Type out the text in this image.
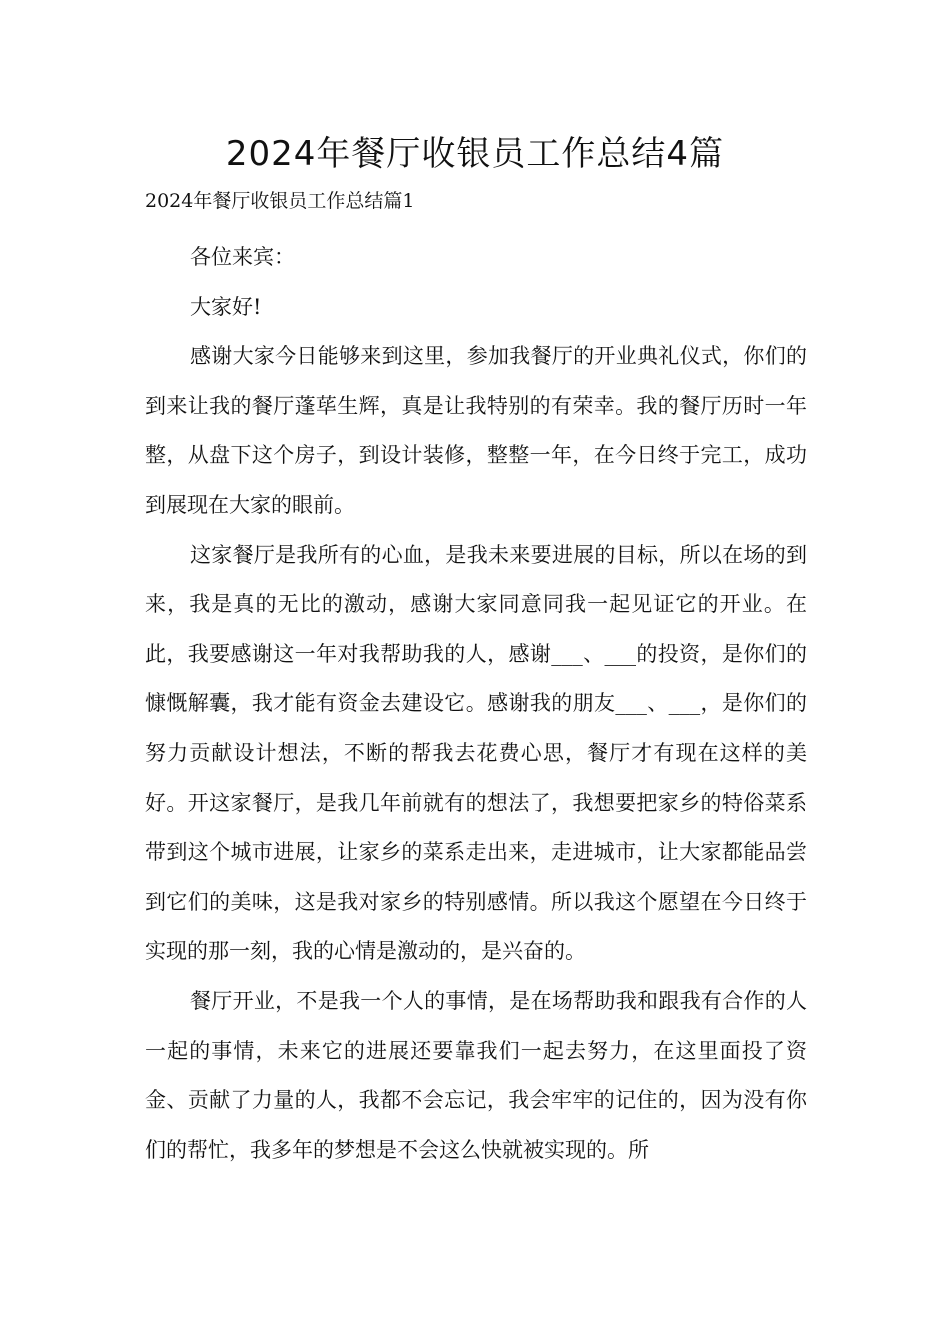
2024年餐厅收银员工作总结4篇

2024年餐厅收银员工作总结篇1

各位来宾：

大家好!

感谢大家今日能够来到这里，参加我餐厅的开业典礼仪式，你们的到来让我的餐厅蓬荜生辉，真是让我特别的有荣幸。我的餐厅历时一年整，从盘下这个房子，到设计装修，整整一年，在今日终于完工，成功到展现在大家的眼前。

这家餐厅是我所有的心血，是我未来要进展的目标，所以在场的到来，我是真的无比的激动，感谢大家同意同我一起见证它的开业。在此，我要感谢这一年对我帮助我的人，感谢___、___的投资，是你们的慷慨解囊，我才能有资金去建设它。感谢我的朋友___、___，是你们的努力贡献设计想法，不断的帮我去花费心思，餐厅才有现在这样的美好。开这家餐厅，是我几年前就有的想法了，我想要把家乡的特俗菜系带到这个城市进展，让家乡的菜系走出来，走进城市，让大家都能品尝到它们的美味，这是我对家乡的特别感情。所以我这个愿望在今日终于实现的那一刻，我的心情是激动的，是兴奋的。

餐厅开业，不是我一个人的事情，是在场帮助我和跟我有合作的人一起的事情，未来它的进展还要靠我们一起去努力，在这里面投了资金、贡献了力量的人，我都不会忘记，我会牢牢的记住的，因为没有你们的帮忙，我多年的梦想是不会这么快就被实现的。所
